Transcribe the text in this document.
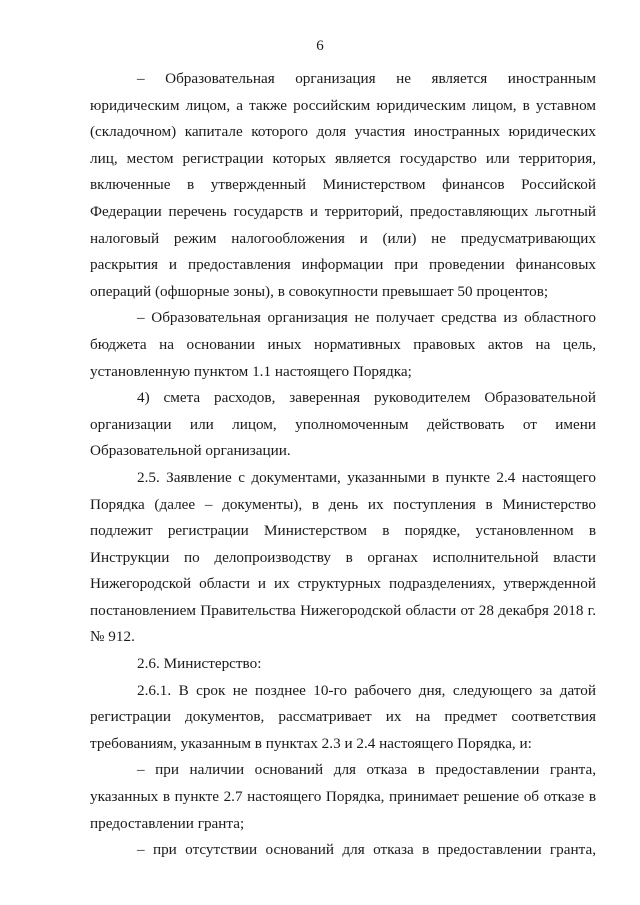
6

– Образовательная организация не является иностранным юридическим лицом, а также российским юридическим лицом, в уставном (складочном) капитале которого доля участия иностранных юридических лиц, местом регистрации которых является государство или территория, включенные в утвержденный Министерством финансов Российской Федерации перечень государств и территорий, предоставляющих льготный налоговый режим налогообложения и (или) не предусматривающих раскрытия и предоставления информации при проведении финансовых операций (офшорные зоны), в совокупности превышает 50 процентов;

– Образовательная организация не получает средства из областного бюджета на основании иных нормативных правовых актов на цель, установленную пунктом 1.1 настоящего Порядка;

4) смета расходов, заверенная руководителем Образовательной организации или лицом, уполномоченным действовать от имени Образовательной организации.

2.5. Заявление с документами, указанными в пункте 2.4 настоящего Порядка (далее – документы), в день их поступления в Министерство подлежит регистрации Министерством в порядке, установленном в Инструкции по делопроизводству в органах исполнительной власти Нижегородской области и их структурных подразделениях, утвержденной постановлением Правительства Нижегородской области от 28 декабря 2018 г. № 912.

2.6. Министерство:

2.6.1. В срок не позднее 10-го рабочего дня, следующего за датой регистрации документов, рассматривает их на предмет соответствия требованиям, указанным в пунктах 2.3 и 2.4 настоящего Порядка, и:

– при наличии оснований для отказа в предоставлении гранта, указанных в пункте 2.7 настоящего Порядка, принимает решение об отказе в предоставлении гранта;

– при отсутствии оснований для отказа в предоставлении гранта,
